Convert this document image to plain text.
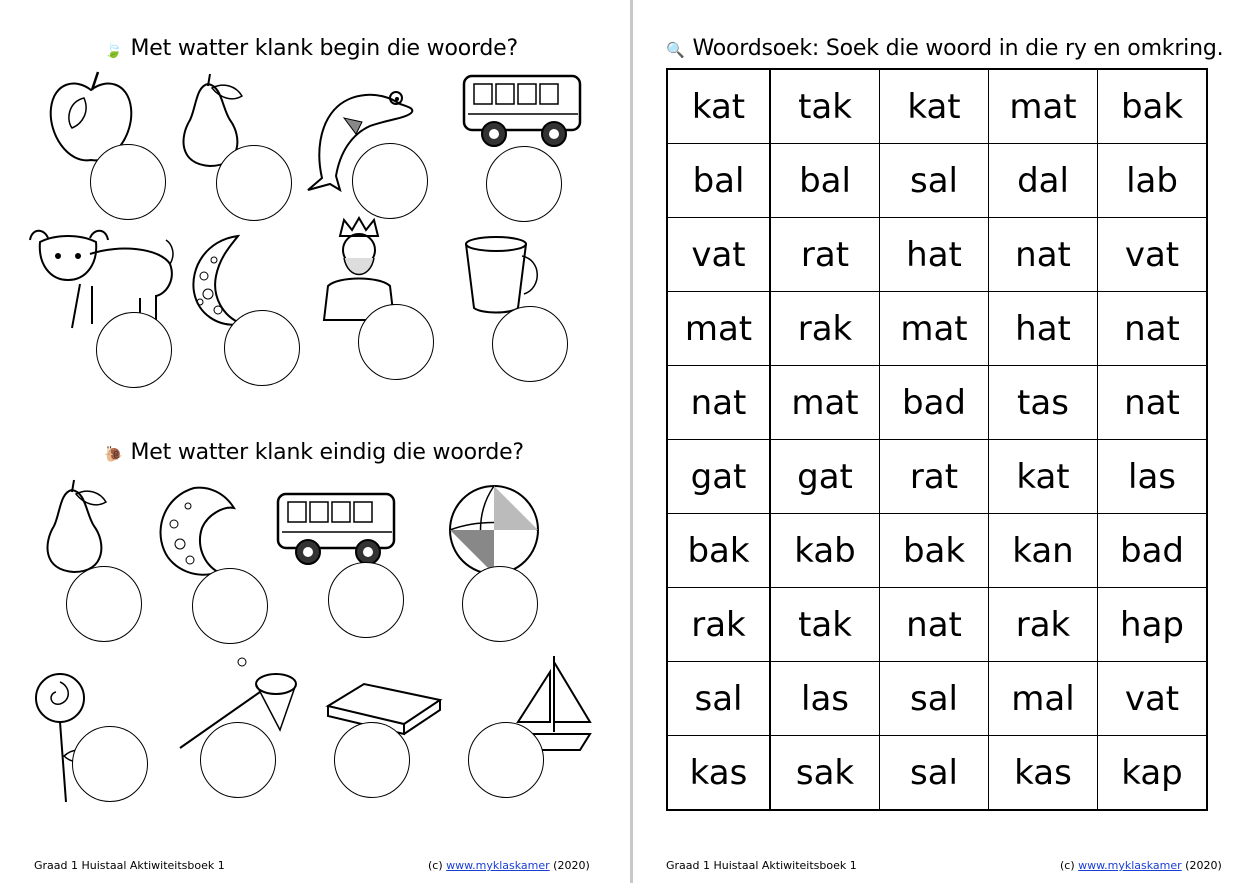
🍃 Met watter klank begin die woorde?
🐌 Met watter klank eindig die woorde?
Graad 1 Huistaal Aktiwiteitsboek 1	(c) www.myklaskamer (2020)
🔍 Woordsoek: Soek die woord in die ry en omkring.
kat	tak	kat	mat	bak
bal	bal	sal	dal	lab
vat	rat	hat	nat	vat
mat	rak	mat	hat	nat
nat	mat	bad	tas	nat
gat	gat	rat	kat	las
bak	kab	bak	kan	bad
rak	tak	nat	rak	hap
sal	las	sal	mal	vat
kas	sak	sal	kas	kap
Graad 1 Huistaal Aktiwiteitsboek 1	(c) www.myklaskamer (2020)
